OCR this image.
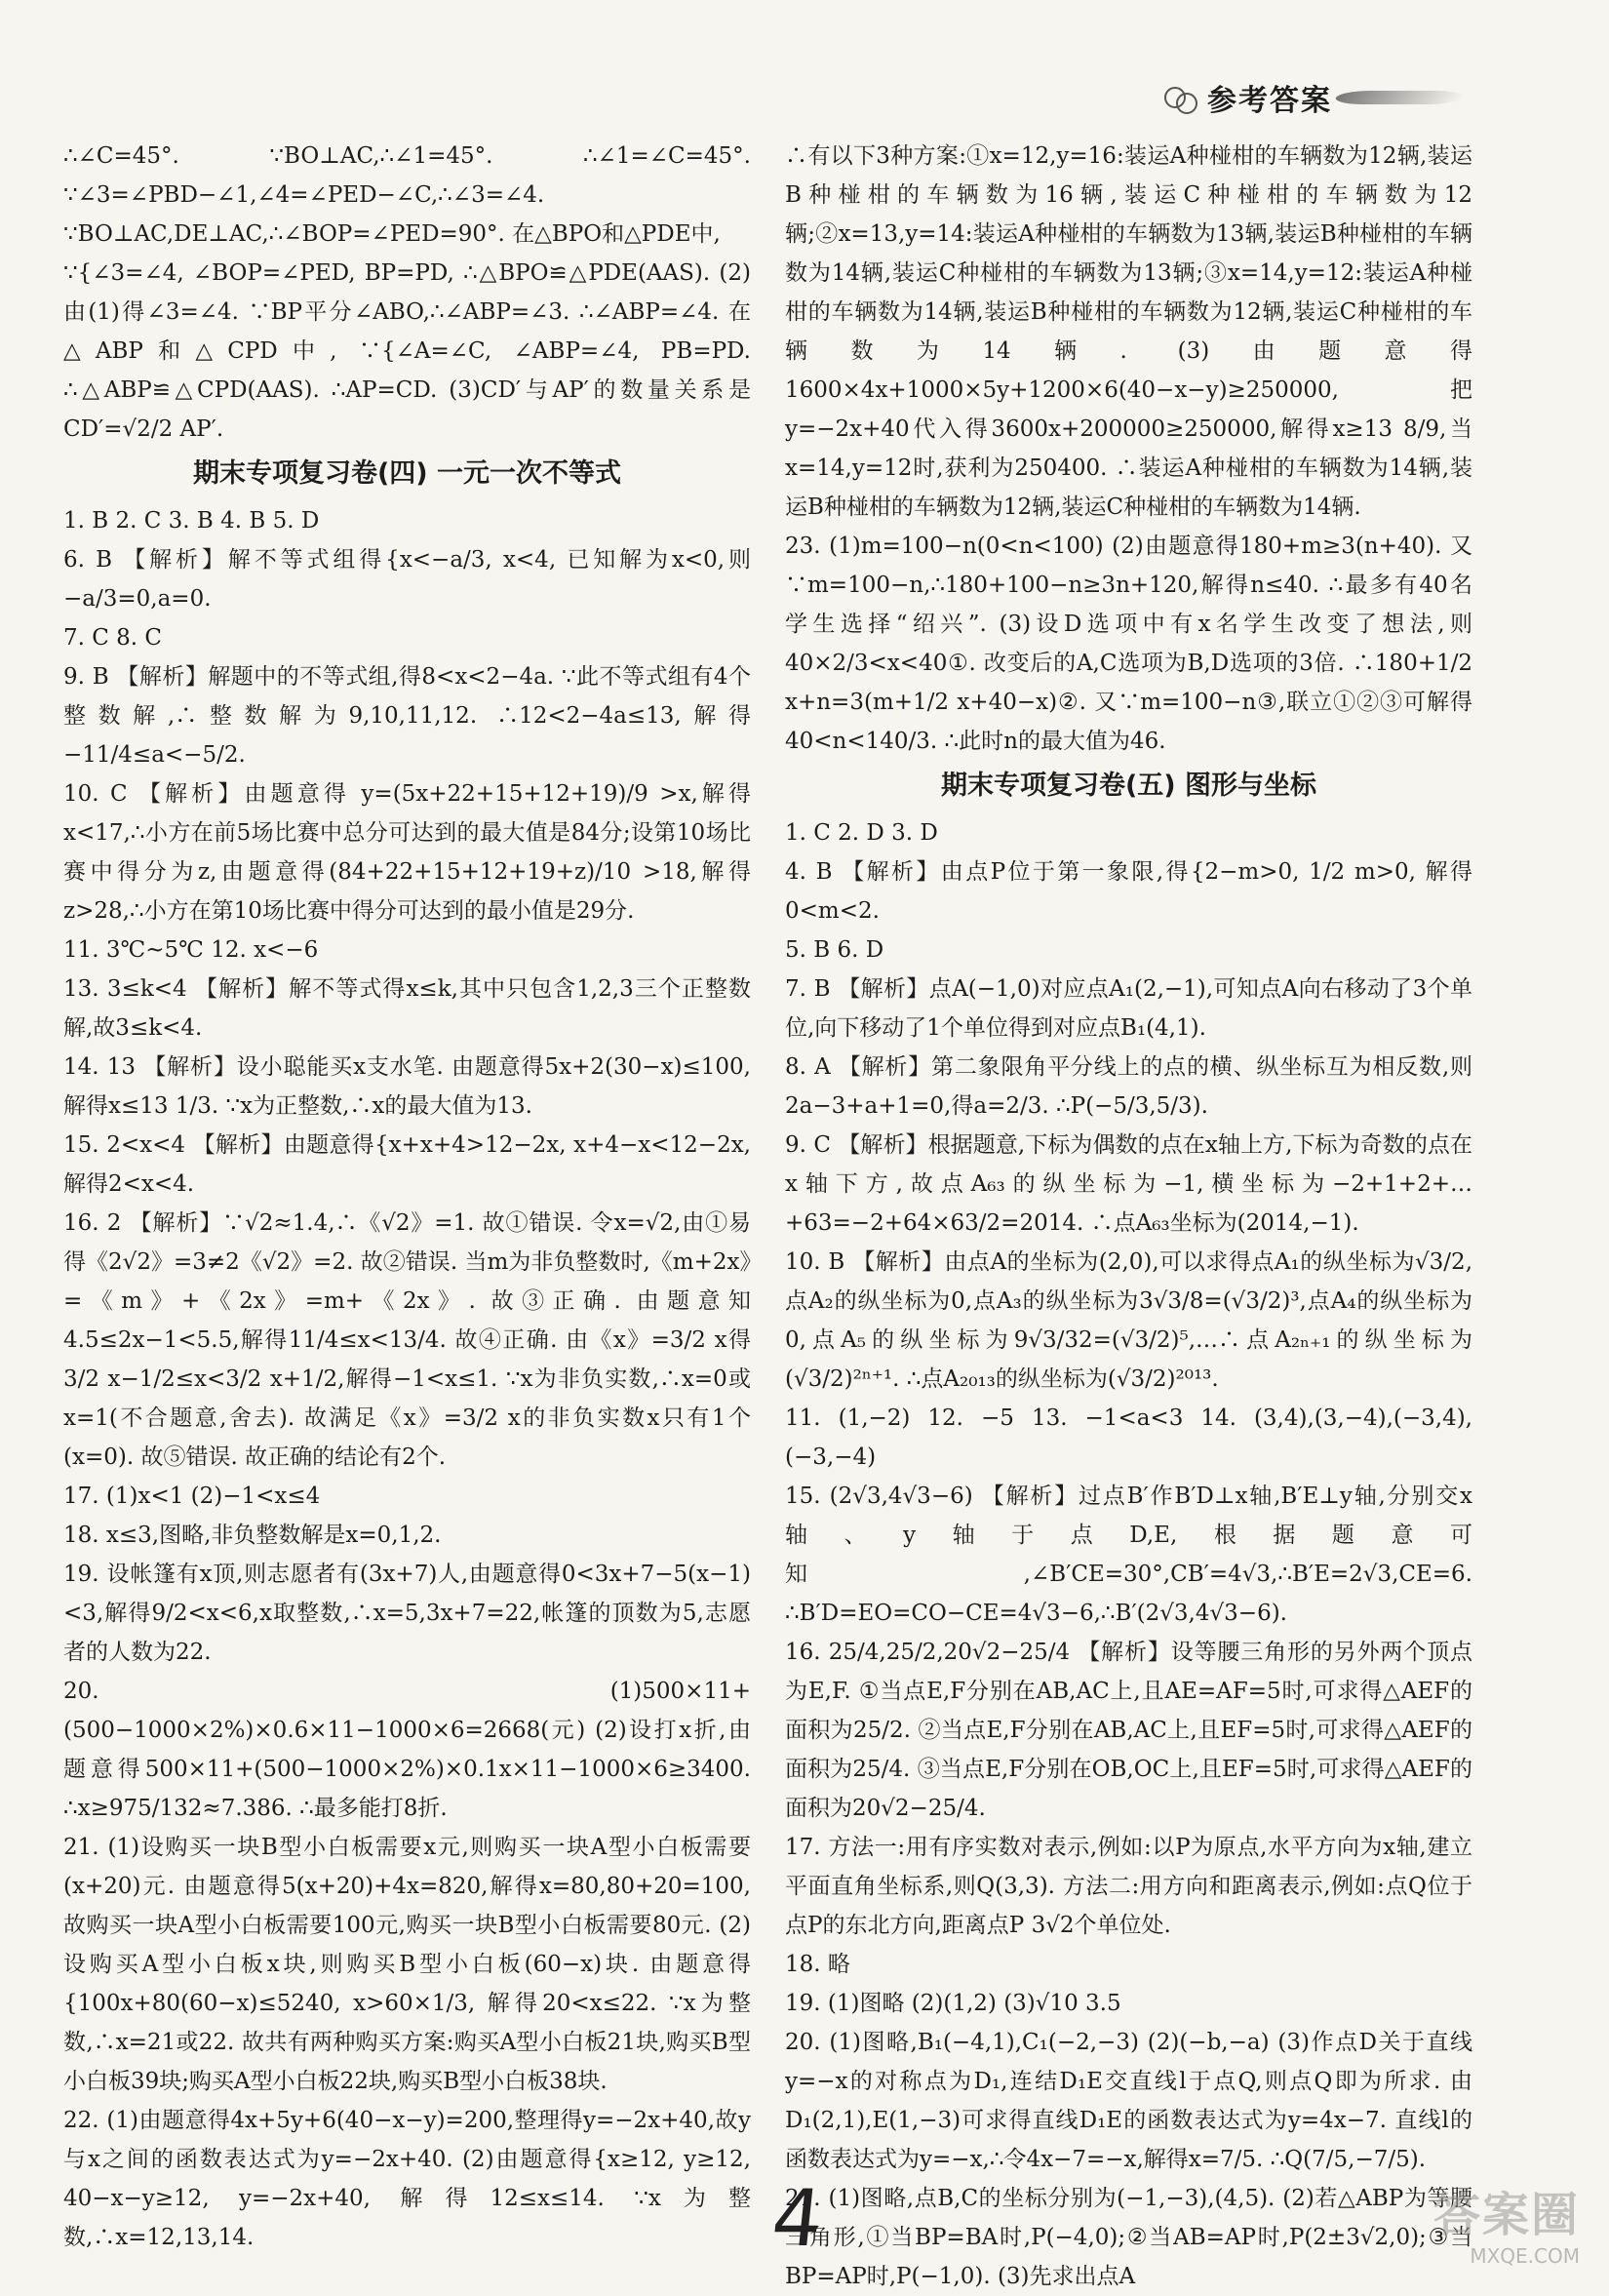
参考答案

∴∠C=45°. ∵BO⊥AC,∴∠1=45°. ∴∠1=∠C=45°. ∵∠3=∠PBD−∠1,∠4=∠PED−∠C,∴∠3=∠4. ∵BO⊥AC,DE⊥AC,∴∠BOP=∠PED=90°. 在△BPO和△PDE中,

∵{∠3=∠4, ∠BOP=∠PED, BP=PD, ∴△BPO≌△PDE(AAS). (2)由(1)得∠3=∠4. ∵BP平分∠ABO,∴∠ABP=∠3. ∴∠ABP=∠4. 在△ABP和△CPD中, ∵{∠A=∠C, ∠ABP=∠4, PB=PD. ∴△ABP≌△CPD(AAS). ∴AP=CD. (3)CD′与AP′的数量关系是CD′=√2/2 AP′.

期末专项复习卷(四) 一元一次不等式

1. B 2. C 3. B 4. B 5. D

6. B 【解析】解不等式组得{x<−a/3, x<4, 已知解为x<0,则−a/3=0,a=0.

7. C 8. C

9. B 【解析】解题中的不等式组,得8<x<2−4a. ∵此不等式组有4个整数解,∴整数解为9,10,11,12. ∴12<2−4a≤13,解得−11/4≤a<−5/2.

10. C 【解析】由题意得 y=(5x+22+15+12+19)/9 >x,解得x<17,∴小方在前5场比赛中总分可达到的最大值是84分;设第10场比赛中得分为z,由题意得(84+22+15+12+19+z)/10 >18,解得z>28,∴小方在第10场比赛中得分可达到的最小值是29分.

11. 3℃~5℃ 12. x<−6

13. 3≤k<4 【解析】解不等式得x≤k,其中只包含1,2,3三个正整数解,故3≤k<4.

14. 13 【解析】设小聪能买x支水笔. 由题意得5x+2(30−x)≤100,解得x≤13 1/3. ∵x为正整数,∴x的最大值为13.

15. 2<x<4 【解析】由题意得{x+x+4>12−2x, x+4−x<12−2x, 解得2<x<4.

16. 2 【解析】∵√2≈1.4,∴《√2》=1. 故①错误. 令x=√2,由①易得《2√2》=3≠2《√2》=2. 故②错误. 当m为非负整数时,《m+2x》=《m》+《2x》=m+《2x》. 故③正确. 由题意知4.5≤2x−1<5.5,解得11/4≤x<13/4. 故④正确. 由《x》=3/2 x得3/2 x−1/2≤x<3/2 x+1/2,解得−1<x≤1. ∵x为非负实数,∴x=0或x=1(不合题意,舍去). 故满足《x》=3/2 x的非负实数x只有1个(x=0). 故⑤错误. 故正确的结论有2个.

17. (1)x<1 (2)−1<x≤4

18. x≤3,图略,非负整数解是x=0,1,2.

19. 设帐篷有x顶,则志愿者有(3x+7)人,由题意得0<3x+7−5(x−1)<3,解得9/2<x<6,x取整数,∴x=5,3x+7=22,帐篷的顶数为5,志愿者的人数为22.

20. (1)500×11+(500−1000×2%)×0.6×11−1000×6=2668(元) (2)设打x折,由题意得500×11+(500−1000×2%)×0.1x×11−1000×6≥3400. ∴x≥975/132≈7.386. ∴最多能打8折.

21. (1)设购买一块B型小白板需要x元,则购买一块A型小白板需要(x+20)元. 由题意得5(x+20)+4x=820,解得x=80,80+20=100,故购买一块A型小白板需要100元,购买一块B型小白板需要80元. (2)设购买A型小白板x块,则购买B型小白板(60−x)块. 由题意得{100x+80(60−x)≤5240, x>60×1/3, 解得20<x≤22. ∵x为整数,∴x=21或22. 故共有两种购买方案:购买A型小白板21块,购买B型小白板39块;购买A型小白板22块,购买B型小白板38块.

22. (1)由题意得4x+5y+6(40−x−y)=200,整理得y=−2x+40,故y与x之间的函数表达式为y=−2x+40. (2)由题意得{x≥12, y≥12, 40−x−y≥12, y=−2x+40, 解得12≤x≤14. ∵x为整数,∴x=12,13,14.

∴有以下3种方案:①x=12,y=16:装运A种椪柑的车辆数为12辆,装运B种椪柑的车辆数为16辆,装运C种椪柑的车辆数为12辆;②x=13,y=14:装运A种椪柑的车辆数为13辆,装运B种椪柑的车辆数为14辆,装运C种椪柑的车辆数为13辆;③x=14,y=12:装运A种椪柑的车辆数为14辆,装运B种椪柑的车辆数为12辆,装运C种椪柑的车辆数为14辆. (3)由题意得1600×4x+1000×5y+1200×6(40−x−y)≥250000,把y=−2x+40代入得3600x+200000≥250000,解得x≥13 8/9,当x=14,y=12时,获利为250400. ∴装运A种椪柑的车辆数为14辆,装运B种椪柑的车辆数为12辆,装运C种椪柑的车辆数为14辆.

23. (1)m=100−n(0<n<100) (2)由题意得180+m≥3(n+40). 又∵m=100−n,∴180+100−n≥3n+120,解得n≤40. ∴最多有40名学生选择“绍兴”. (3)设D选项中有x名学生改变了想法,则40×2/3<x<40①. 改变后的A,C选项为B,D选项的3倍. ∴180+1/2 x+n=3(m+1/2 x+40−x)②. 又∵m=100−n③,联立①②③可解得40<n<140/3. ∴此时n的最大值为46.

期末专项复习卷(五) 图形与坐标

1. C 2. D 3. D

4. B 【解析】由点P位于第一象限,得{2−m>0, 1/2 m>0, 解得0<m<2.

5. B 6. D

7. B 【解析】点A(−1,0)对应点A₁(2,−1),可知点A向右移动了3个单位,向下移动了1个单位得到对应点B₁(4,1).

8. A 【解析】第二象限角平分线上的点的横、纵坐标互为相反数,则2a−3+a+1=0,得a=2/3. ∴P(−5/3,5/3).

9. C 【解析】根据题意,下标为偶数的点在x轴上方,下标为奇数的点在x轴下方,故点A₆₃的纵坐标为−1,横坐标为−2+1+2+…+63=−2+64×63/2=2014. ∴点A₆₃坐标为(2014,−1).

10. B 【解析】由点A的坐标为(2,0),可以求得点A₁的纵坐标为√3/2,点A₂的纵坐标为0,点A₃的纵坐标为3√3/8=(√3/2)³,点A₄的纵坐标为0,点A₅的纵坐标为9√3/32=(√3/2)⁵,…∴点A₂ₙ₊₁的纵坐标为(√3/2)²ⁿ⁺¹. ∴点A₂₀₁₃的纵坐标为(√3/2)²⁰¹³.

11. (1,−2) 12. −5 13. −1<a<3 14. (3,4),(3,−4),(−3,4),(−3,−4)

15. (2√3,4√3−6) 【解析】过点B′作B′D⊥x轴,B′E⊥y轴,分别交x轴、y轴于点D,E,根据题意可知,∠B′CE=30°,CB′=4√3,∴B′E=2√3,CE=6. ∴B′D=EO=CO−CE=4√3−6,∴B′(2√3,4√3−6).

16. 25/4,25/2,20√2−25/4 【解析】设等腰三角形的另外两个顶点为E,F. ①当点E,F分别在AB,AC上,且AE=AF=5时,可求得△AEF的面积为25/2. ②当点E,F分别在AB,AC上,且EF=5时,可求得△AEF的面积为25/4. ③当点E,F分别在OB,OC上,且EF=5时,可求得△AEF的面积为20√2−25/4.

17. 方法一:用有序实数对表示,例如:以P为原点,水平方向为x轴,建立平面直角坐标系,则Q(3,3). 方法二:用方向和距离表示,例如:点Q位于点P的东北方向,距离点P 3√2个单位处.

18. 略

19. (1)图略 (2)(1,2) (3)√10 3.5

20. (1)图略,B₁(−4,1),C₁(−2,−3) (2)(−b,−a) (3)作点D关于直线y=−x的对称点为D₁,连结D₁E交直线l于点Q,则点Q即为所求. 由D₁(2,1),E(1,−3)可求得直线D₁E的函数表达式为y=4x−7. 直线l的函数表达式为y=−x,∴令4x−7=−x,解得x=7/5. ∴Q(7/5,−7/5).

21. (1)图略,点B,C的坐标分别为(−1,−3),(4,5). (2)若△ABP为等腰三角形,①当BP=BA时,P(−4,0);②当AB=AP时,P(2±3√2,0);③当BP=AP时,P(−1,0). (3)先求出点A

4	答案圈
MXQE.COM
